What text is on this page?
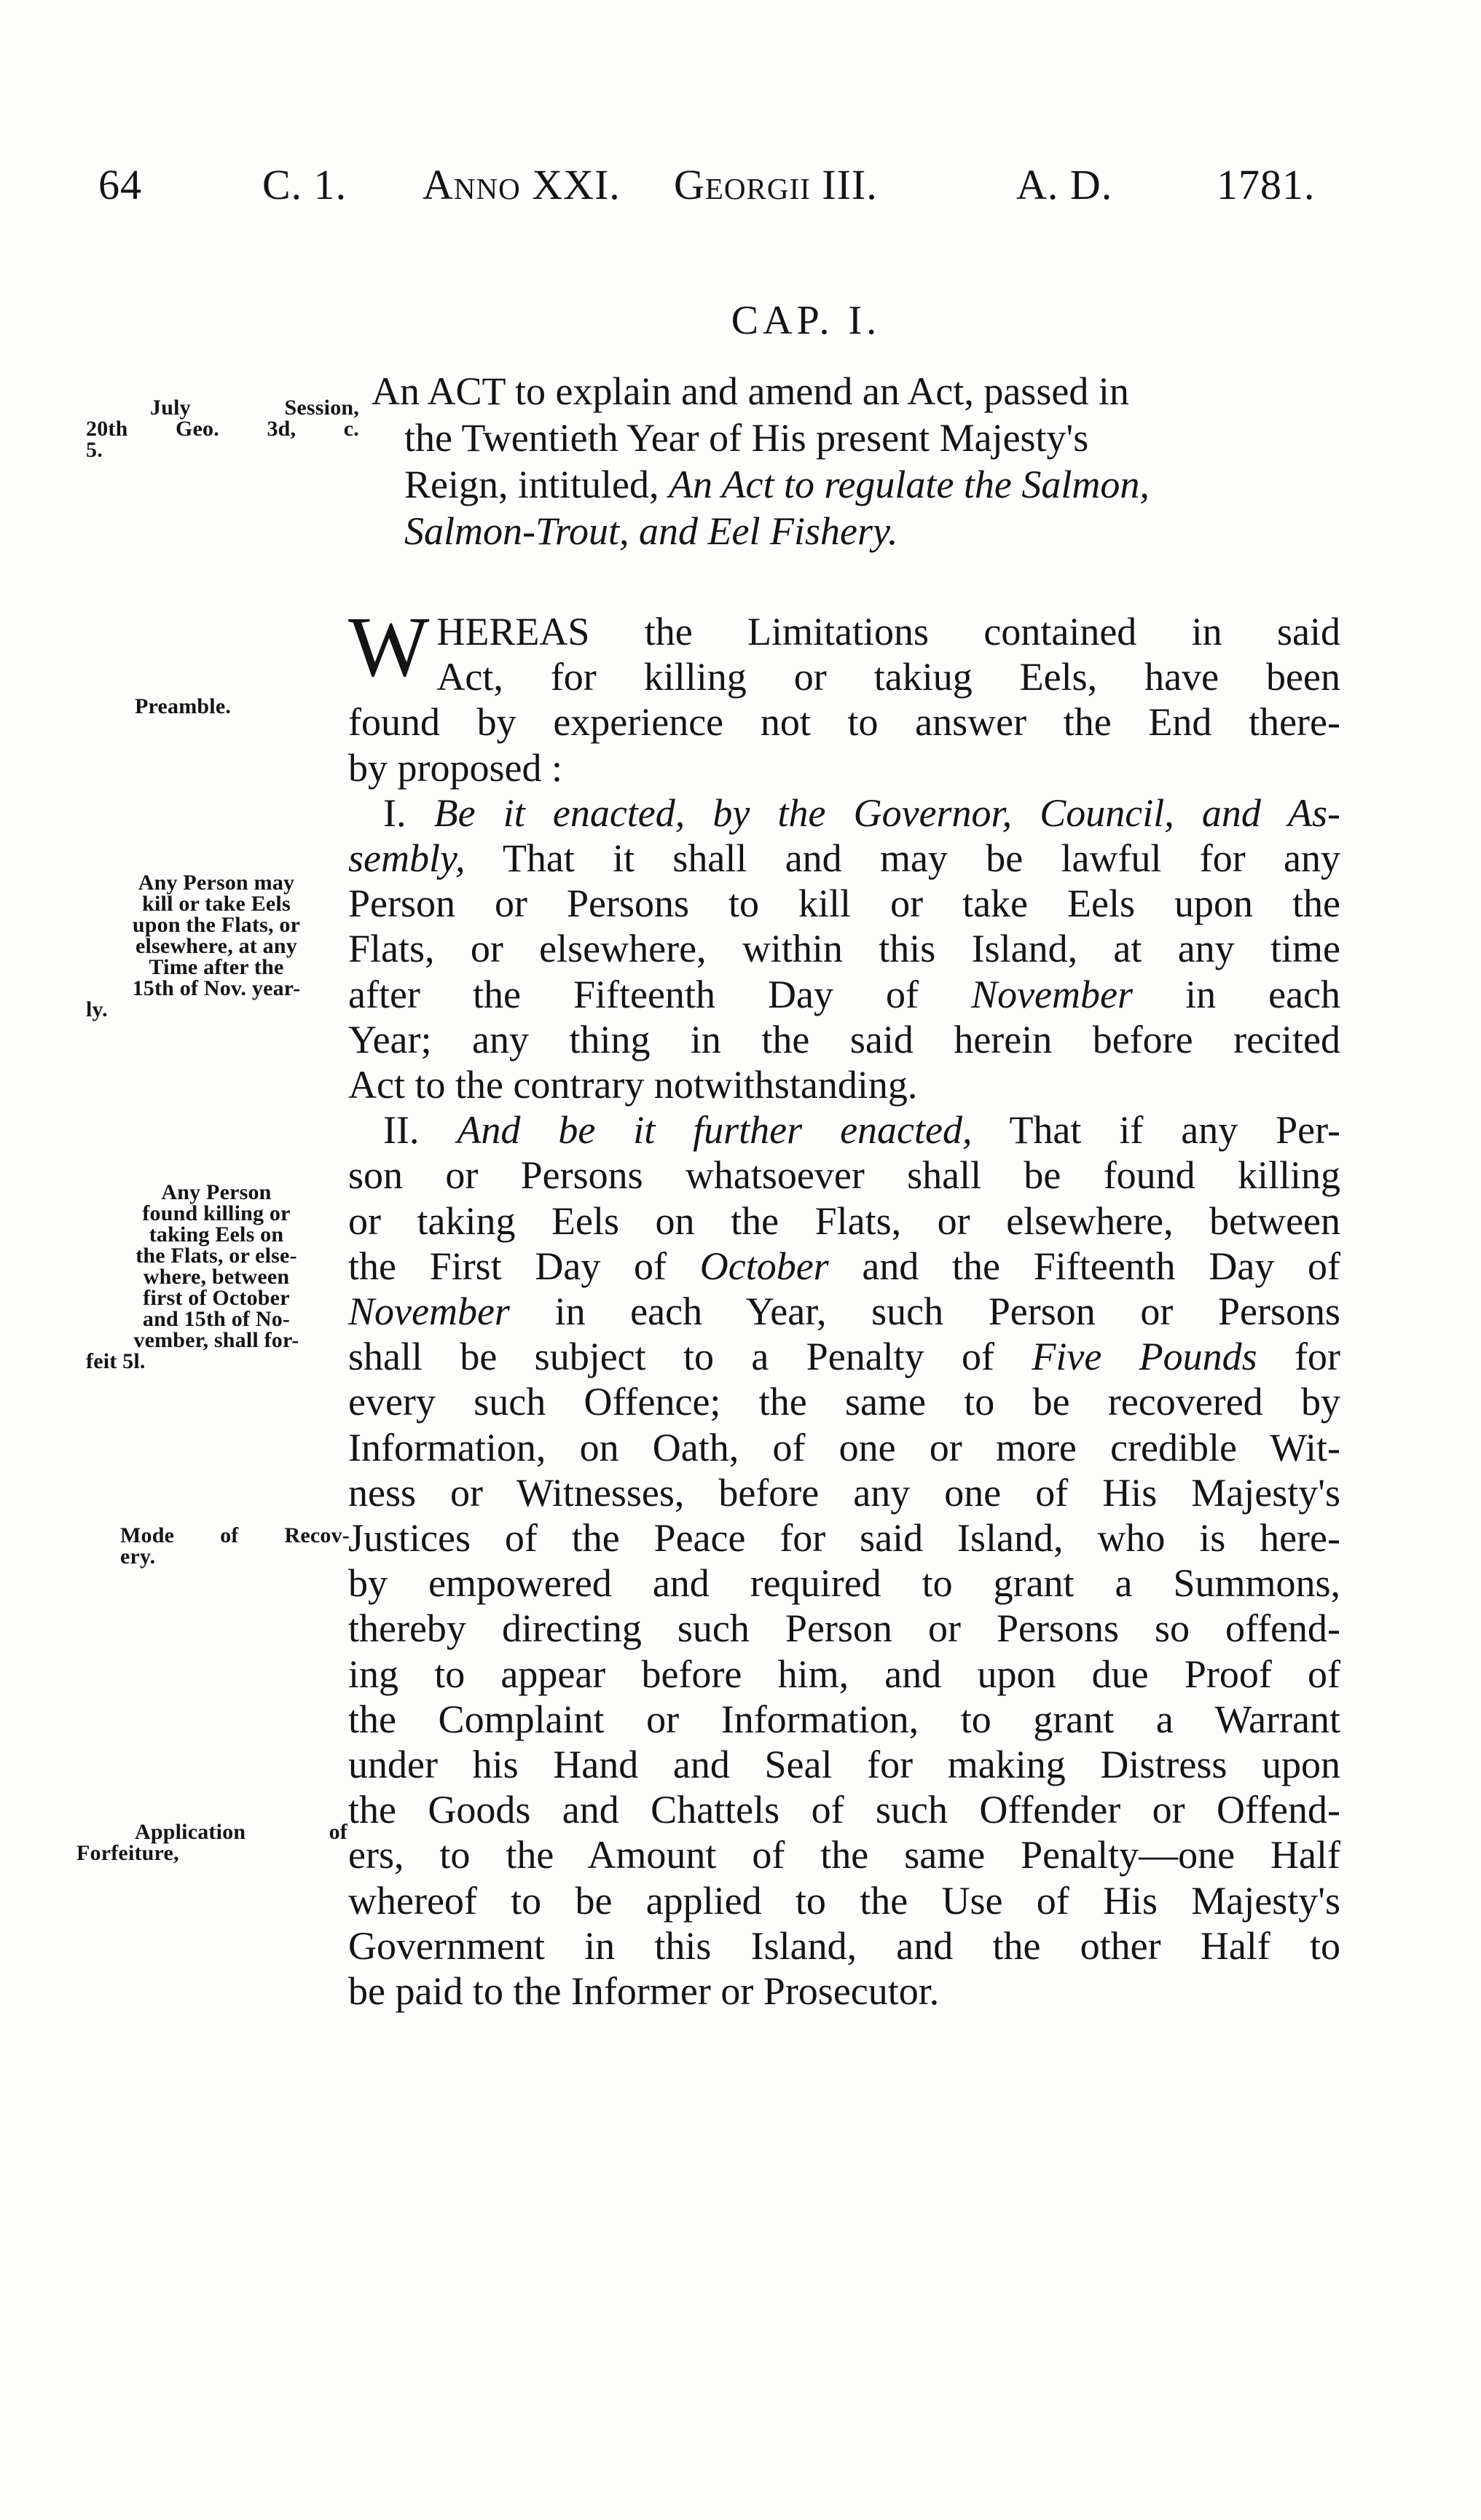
64	C. 1. Anno XXI. Georgii III.	A. D. 1781.
CAP. I.
An ACT to explain and amend an Act, passed in
the Twentieth Year of His present Majesty's
Reign, intituled, An Act to regulate the Salmon,
Salmon-Trout, and Eel Fishery.
W HEREAS the Limitations contained in said
Act, for killing or takiug Eels, have been
found by experience not to answer the End there-
by proposed :
I. Be it enacted, by the Governor, Council, and As-
sembly, That it shall and may be lawful for any
Person or Persons to kill or take Eels upon the
Flats, or elsewhere, within this Island, at any time
after the Fifteenth Day of November in each
Year; any thing in the said herein before recited
Act to the contrary notwithstanding.
II. And be it further enacted, That if any Per-
son or Persons whatsoever shall be found killing
or taking Eels on the Flats, or elsewhere, between
the First Day of October and the Fifteenth Day of
November in each Year, such Person or Persons
shall be subject to a Penalty of Five Pounds for
every such Offence; the same to be recovered by
Information, on Oath, of one or more credible Wit-
ness or Witnesses, before any one of His Majesty's
Justices of the Peace for said Island, who is here-
by empowered and required to grant a Summons,
thereby directing such Person or Persons so offend-
ing to appear before him, and upon due Proof of
the Complaint or Information, to grant a Warrant
under his Hand and Seal for making Distress upon
the Goods and Chattels of such Offender or Offend-
ers, to the Amount of the same Penalty—one Half
whereof to be applied to the Use of His Majesty's
Government in this Island, and the other Half to
be paid to the Informer or Prosecutor.
July Session,
20th Geo. 3d, c.
5.
Preamble.
Any Person may
kill or take Eels
upon the Flats, or
elsewhere, at any
Time after the
15th of Nov. year-
ly.
Any Person
found killing or
taking Eels on
the Flats, or else-
where, between
first of October
and 15th of No-
vember, shall for-
feit 5l.
Mode of Recov-
ery.
Application of
Forfeiture,
